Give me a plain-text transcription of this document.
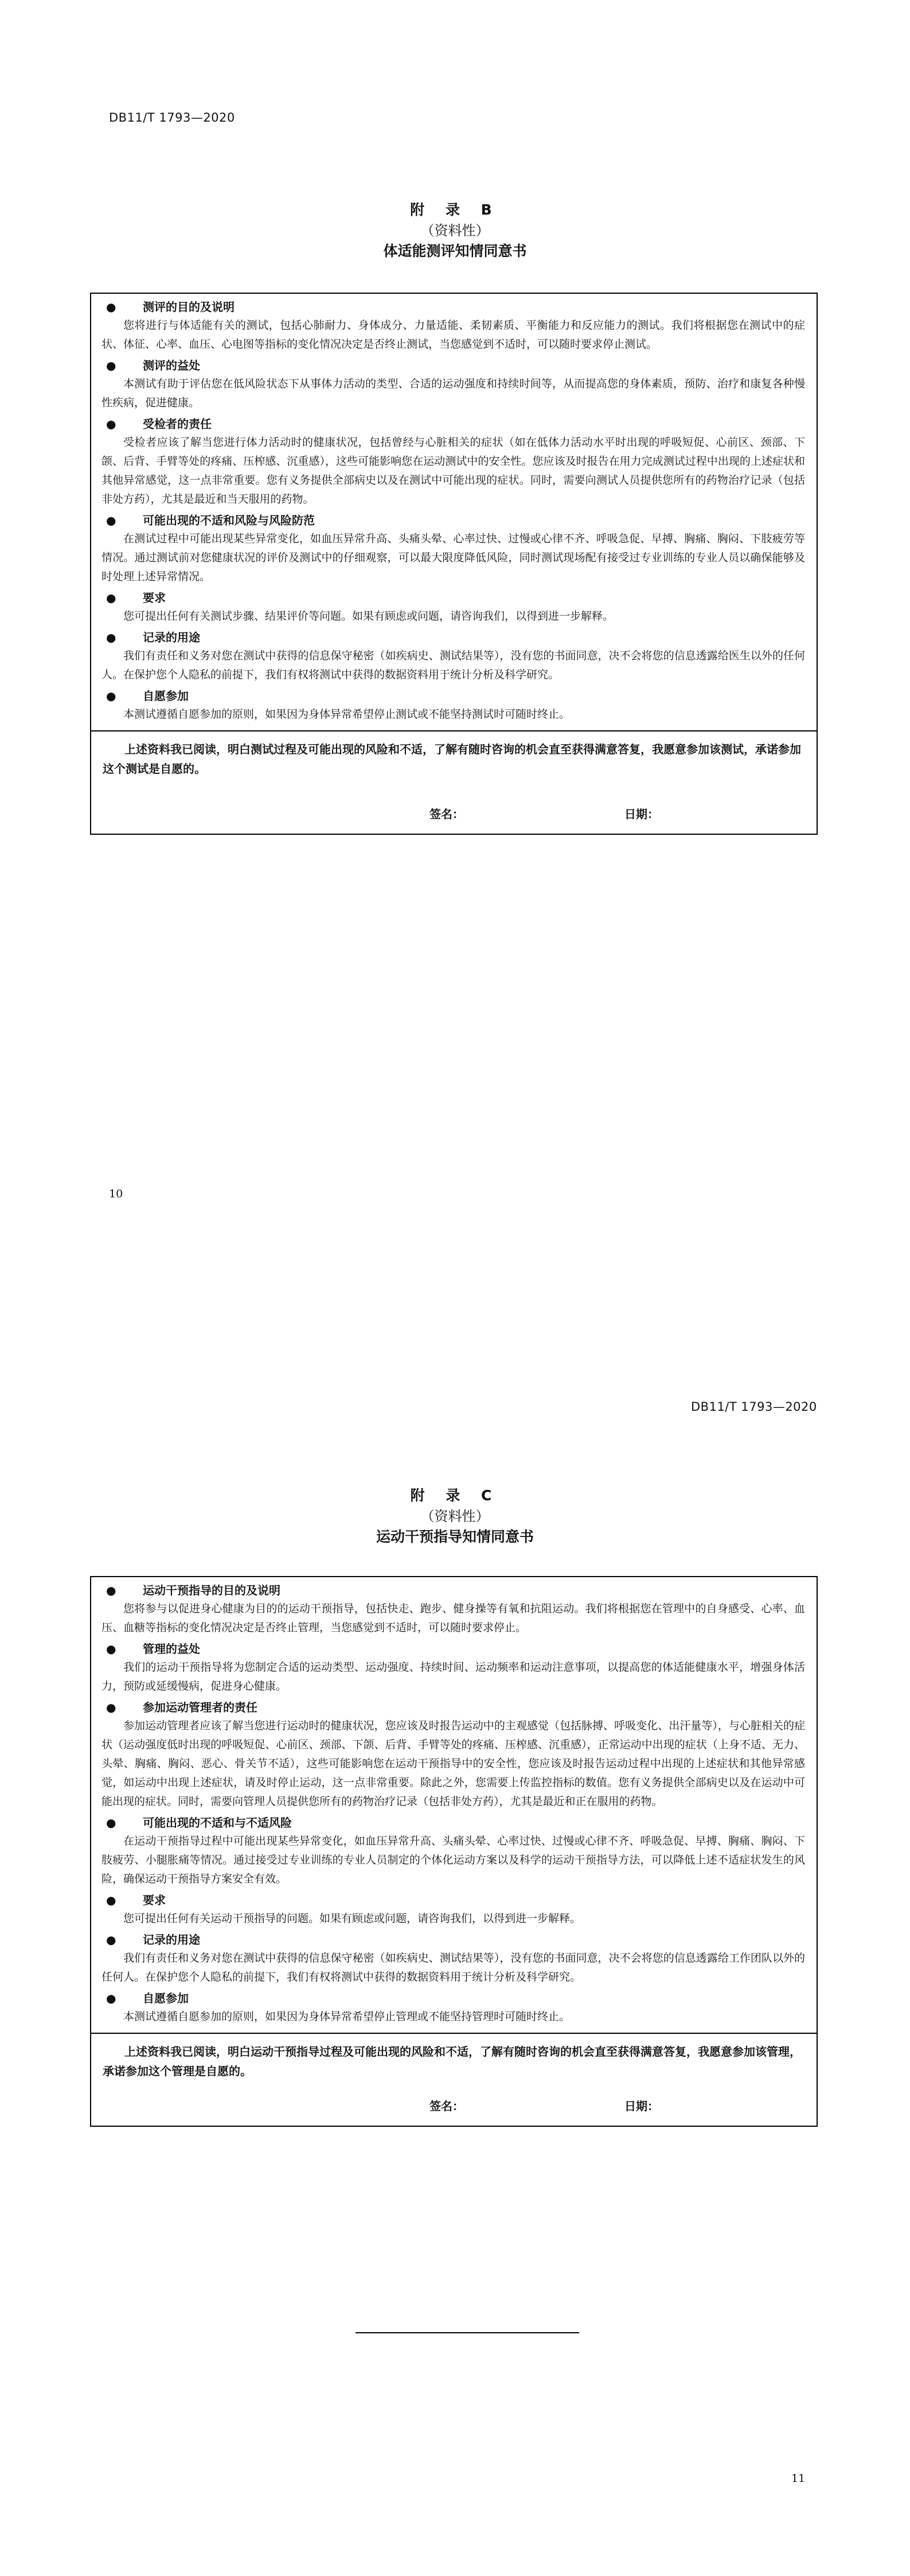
DB11/T 1793—2020
附 录 B
（资料性）
体适能测评知情同意书
● 测评的目的及说明
您将进行与体适能有关的测试，包括心肺耐力、身体成分、力量适能、柔韧素质、平衡能力和反应能力的测试。我们将根据您在测试中的症状、体征、心率、血压、心电图等指标的变化情况决定是否终止测试，当您感觉到不适时，可以随时要求停止测试。
● 测评的益处
本测试有助于评估您在低风险状态下从事体力活动的类型、合适的运动强度和持续时间等，从而提高您的身体素质，预防、治疗和康复各种慢性疾病，促进健康。
● 受检者的责任
受检者应该了解当您进行体力活动时的健康状况，包括曾经与心脏相关的症状（如在低体力活动水平时出现的呼吸短促、心前区、颈部、下颌、后背、手臂等处的疼痛、压榨感、沉重感），这些可能影响您在运动测试中的安全性。您应该及时报告在用力完成测试过程中出现的上述症状和其他异常感觉，这一点非常重要。您有义务提供全部病史以及在测试中可能出现的症状。同时，需要向测试人员提供您所有的药物治疗记录（包括非处方药），尤其是最近和当天服用的药物。
● 可能出现的不适和风险与风险防范
在测试过程中可能出现某些异常变化，如血压异常升高、头痛头晕、心率过快、过慢或心律不齐、呼吸急促、早搏、胸痛、胸闷、下肢疲劳等情况。通过测试前对您健康状况的评价及测试中的仔细观察，可以最大限度降低风险，同时测试现场配有接受过专业训练的专业人员以确保能够及时处理上述异常情况。
● 要求
您可提出任何有关测试步骤、结果评价等问题。如果有顾虑或问题，请咨询我们，以得到进一步解释。
● 记录的用途
我们有责任和义务对您在测试中获得的信息保守秘密（如疾病史、测试结果等），没有您的书面同意，决不会将您的信息透露给医生以外的任何人。在保护您个人隐私的前提下，我们有权将测试中获得的数据资料用于统计分析及科学研究。
● 自愿参加
本测试遵循自愿参加的原则，如果因为身体异常希望停止测试或不能坚持测试时可随时终止。
上述资料我已阅读，明白测试过程及可能出现的风险和不适，了解有随时咨询的机会直至获得满意答复，我愿意参加该测试，承诺参加这个测试是自愿的。
签名：	日期：
10
DB11/T 1793—2020
附 录 C
（资料性）
运动干预指导知情同意书
● 运动干预指导的目的及说明
您将参与以促进身心健康为目的的运动干预指导，包括快走、跑步、健身操等有氧和抗阻运动。我们将根据您在管理中的自身感受、心率、血压、血糖等指标的变化情况决定是否终止管理，当您感觉到不适时，可以随时要求停止。
● 管理的益处
我们的运动干预指导将为您制定合适的运动类型、运动强度、持续时间、运动频率和运动注意事项，以提高您的体适能健康水平，增强身体活力，预防或延缓慢病，促进身心健康。
● 参加运动管理者的责任
参加运动管理者应该了解当您进行运动时的健康状况，您应该及时报告运动中的主观感觉（包括脉搏、呼吸变化、出汗量等），与心脏相关的症状（运动强度低时出现的呼吸短促、心前区、颈部、下颌、后背、手臂等处的疼痛、压榨感、沉重感），正常运动中出现的症状（上身不适、无力、头晕、胸痛、胸闷、恶心、骨关节不适），这些可能影响您在运动干预指导中的安全性，您应该及时报告运动过程中出现的上述症状和其他异常感觉，如运动中出现上述症状，请及时停止运动，这一点非常重要。除此之外，您需要上传监控指标的数值。您有义务提供全部病史以及在运动中可能出现的症状。同时，需要向管理人员提供您所有的药物治疗记录（包括非处方药），尤其是最近和正在服用的药物。
● 可能出现的不适和与不适风险
在运动干预指导过程中可能出现某些异常变化，如血压异常升高、头痛头晕、心率过快、过慢或心律不齐、呼吸急促、早搏、胸痛、胸闷、下肢疲劳、小腿胀痛等情况。通过接受过专业训练的专业人员制定的个体化运动方案以及科学的运动干预指导方法，可以降低上述不适症状发生的风险，确保运动干预指导方案安全有效。
● 要求
您可提出任何有关运动干预指导的问题。如果有顾虑或问题，请咨询我们，以得到进一步解释。
● 记录的用途
我们有责任和义务对您在测试中获得的信息保守秘密（如疾病史、测试结果等），没有您的书面同意，决不会将您的信息透露给工作团队以外的任何人。在保护您个人隐私的前提下，我们有权将测试中获得的数据资料用于统计分析及科学研究。
● 自愿参加
本测试遵循自愿参加的原则，如果因为身体异常希望停止管理或不能坚持管理时可随时终止。
上述资料我已阅读，明白运动干预指导过程及可能出现的风险和不适，了解有随时咨询的机会直至获得满意答复，我愿意参加该管理，承诺参加这个管理是自愿的。
签名：	日期：
11
